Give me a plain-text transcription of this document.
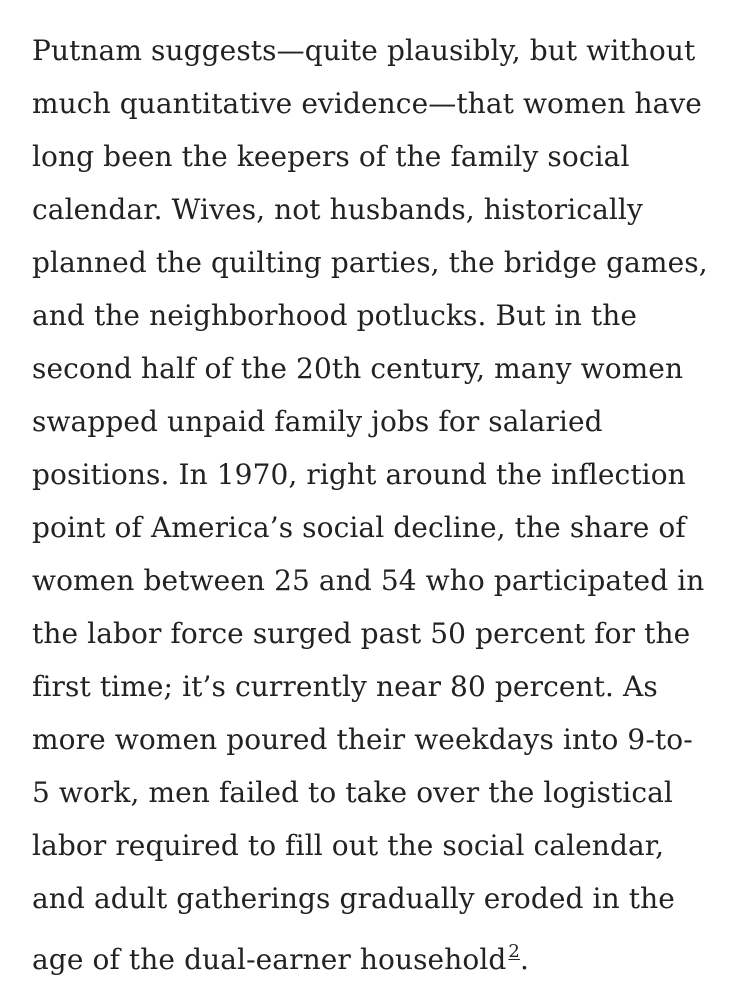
Putnam suggests—quite plausibly, but without
much quantitative evidence—that women have
long been the keepers of the family social
calendar. Wives, not husbands, historically
planned the quilting parties, the bridge games,
and the neighborhood potlucks. But in the
second half of the 20th century, many women
swapped unpaid family jobs for salaried
positions. In 1970, right around the inflection
point of America’s social decline, the share of
women between 25 and 54 who participated in
the labor force surged past 50 percent for the
first time; it’s currently near 80 percent. As
more women poured their weekdays into 9-to-
5 work, men failed to take over the logistical
labor required to fill out the social calendar,
and adult gatherings gradually eroded in the
age of the dual-earner household $^2$.
